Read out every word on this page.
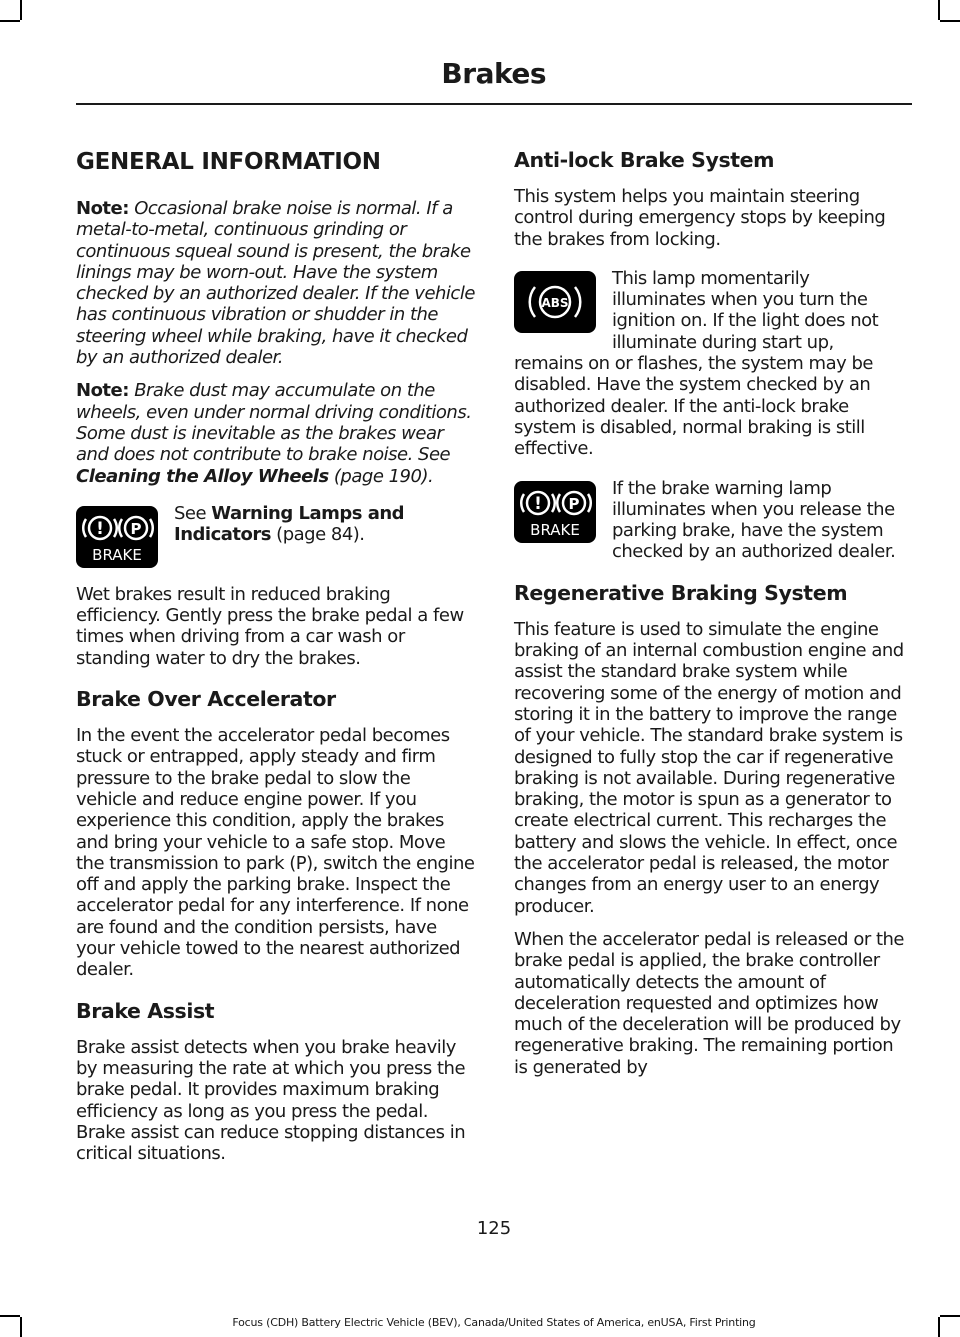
Brakes
GENERAL INFORMATION

Note: Occasional brake noise is normal. If a metal-to-metal, continuous grinding or continuous squeal sound is present, the brake linings may be worn-out. Have the system checked by an authorized dealer. If the vehicle has continuous vibration or shudder in the steering wheel while braking, have it checked by an authorized dealer.

Note: Brake dust may accumulate on the wheels, even under normal driving conditions. Some dust is inevitable as the brakes wear and does not contribute to brake noise. See Cleaning the Alloy Wheels (page 190).

! P
BRAKE

See Warning Lamps and Indicators (page 84).

Wet brakes result in reduced braking efficiency. Gently press the brake pedal a few times when driving from a car wash or standing water to dry the brakes.

Brake Over Accelerator

In the event the accelerator pedal becomes stuck or entrapped, apply steady and firm pressure to the brake pedal to slow the vehicle and reduce engine power. If you experience this condition, apply the brakes and bring your vehicle to a safe stop. Move the transmission to park (P), switch the engine off and apply the parking brake. Inspect the accelerator pedal for any interference. If none are found and the condition persists, have your vehicle towed to the nearest authorized dealer.

Brake Assist

Brake assist detects when you brake heavily by measuring the rate at which you press the brake pedal. It provides maximum braking efficiency as long as you press the pedal. Brake assist can reduce stopping distances in critical situations.

Anti-lock Brake System

This system helps you maintain steering control during emergency stops by keeping the brakes from locking.

ABS

This lamp momentarily illuminates when you turn the ignition on. If the light does not illuminate during start up, remains on or flashes, the system may be disabled. Have the system checked by an authorized dealer. If the anti-lock brake system is disabled, normal braking is still effective.

! P
BRAKE

If the brake warning lamp illuminates when you release the parking brake, have the system checked by an authorized dealer.

Regenerative Braking System

This feature is used to simulate the engine braking of an internal combustion engine and assist the standard brake system while recovering some of the energy of motion and storing it in the battery to improve the range of your vehicle. The standard brake system is designed to fully stop the car if regenerative braking is not available. During regenerative braking, the motor is spun as a generator to create electrical current. This recharges the battery and slows the vehicle. In effect, once the accelerator pedal is released, the motor changes from an energy user to an energy producer.

When the accelerator pedal is released or the brake pedal is applied, the brake controller automatically detects the amount of deceleration requested and optimizes how much of the deceleration will be produced by regenerative braking. The remaining portion is generated by

125
Focus (CDH) Battery Electric Vehicle (BEV), Canada/United States of America, enUSA, First Printing
